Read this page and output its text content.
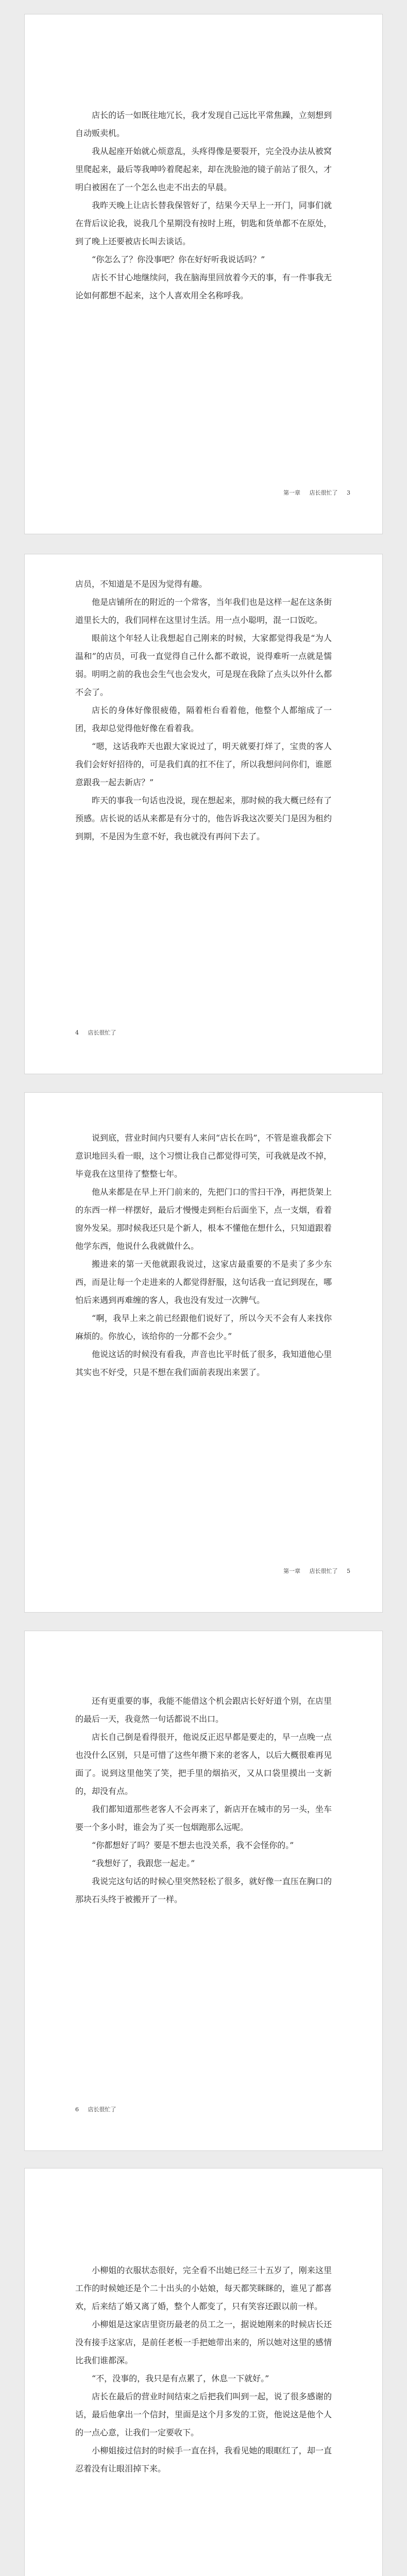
店长的话一如既往地冗长，我才发现自己远比平常焦躁，立刻想到自动贩卖机。

我从起座开始就心烦意乱，头疼得像是要裂开，完全没办法从被窝里爬起来，最后等我呻吟着爬起来，却在洗脸池的镜子前站了很久，才明白被困在了一个怎么也走不出去的早晨。

我昨天晚上让店长替我保管好了，结果今天早上一开门，同事们就在背后议论我，说我几个星期没有按时上班，钥匙和货单都不在原处，到了晚上还要被店长叫去谈话。

“你怎么了？你没事吧？你在好好听我说话吗？”

店长不甘心地继续问，我在脑海里回放着今天的事，有一件事我无论如何都想不起来，这个人喜欢用全名称呼我。

第一章 店长很忙了 3

店员，不知道是不是因为觉得有趣。

他是店铺所在的附近的一个常客，当年我们也是这样一起在这条街道里长大的，我们同样在这里讨生活。用一点小聪明，混一口饭吃。

眼前这个年轻人让我想起自己刚来的时候，大家都觉得我是“为人温和”的店员，可我一直觉得自己什么都不敢说，说得难听一点就是懦弱。明明之前的我也会生气也会发火，可是现在我除了点头以外什么都不会了。

店长的身体好像很疲倦，隔着柜台看着他，他整个人都缩成了一团，我却总觉得他好像在看着我。

“嗯，这话我昨天也跟大家说过了，明天就要打烊了，宝贵的客人我们会好好招待的，可是我们真的扛不住了，所以我想问问你们，谁愿意跟我一起去新店？”

昨天的事我一句话也没说，现在想起来，那时候的我大概已经有了预感。店长说的话从来都是有分寸的，他告诉我这次要关门是因为租约到期，不是因为生意不好，我也就没有再问下去了。

4 店长很忙了

说到底，营业时间内只要有人来问“店长在吗”，不管是谁我都会下意识地回头看一眼，这个习惯让我自己都觉得可笑，可我就是改不掉，毕竟我在这里待了整整七年。

他从来都是在早上开门前来的，先把门口的雪扫干净，再把货架上的东西一样一样摆好，最后才慢慢走到柜台后面坐下，点一支烟，看着窗外发呆。那时候我还只是个新人，根本不懂他在想什么，只知道跟着他学东西，他说什么我就做什么。

搬进来的第一天他就跟我说过，这家店最重要的不是卖了多少东西，而是让每一个走进来的人都觉得舒服，这句话我一直记到现在，哪怕后来遇到再难缠的客人，我也没有发过一次脾气。

“啊，我早上来之前已经跟他们说好了，所以今天不会有人来找你麻烦的。你放心，该给你的一分都不会少。”

他说这话的时候没有看我，声音也比平时低了很多，我知道他心里其实也不好受，只是不想在我们面前表现出来罢了。

第一章 店长很忙了 5

还有更重要的事，我能不能借这个机会跟店长好好道个别，在店里的最后一天，我竟然一句话都说不出口。

店长自己倒是看得很开，他说反正迟早都是要走的，早一点晚一点也没什么区别，只是可惜了这些年攒下来的老客人，以后大概很难再见面了。说到这里他笑了笑，把手里的烟掐灭，又从口袋里摸出一支新的，却没有点。

我们都知道那些老客人不会再来了，新店开在城市的另一头，坐车要一个多小时，谁会为了买一包烟跑那么远呢。

“你都想好了吗？要是不想去也没关系，我不会怪你的。”

“我想好了，我跟您一起走。”

我说完这句话的时候心里突然轻松了很多，就好像一直压在胸口的那块石头终于被搬开了一样。

6 店长很忙了

小柳姐的衣服状态很好，完全看不出她已经三十五岁了，刚来这里工作的时候她还是个二十出头的小姑娘，每天都笑眯眯的，谁见了都喜欢，后来结了婚又离了婚，整个人都变了，只有笑容还跟以前一样。

小柳姐是这家店里资历最老的员工之一，据说她刚来的时候店长还没有接手这家店，是前任老板一手把她带出来的，所以她对这里的感情比我们谁都深。

“不，没事的，我只是有点累了，休息一下就好。”

店长在最后的营业时间结束之后把我们叫到一起，说了很多感谢的话，最后他拿出一个信封，里面是这个月多发的工资，他说这是他个人的一点心意，让我们一定要收下。

小柳姐接过信封的时候手一直在抖，我看见她的眼眶红了，却一直忍着没有让眼泪掉下来。
